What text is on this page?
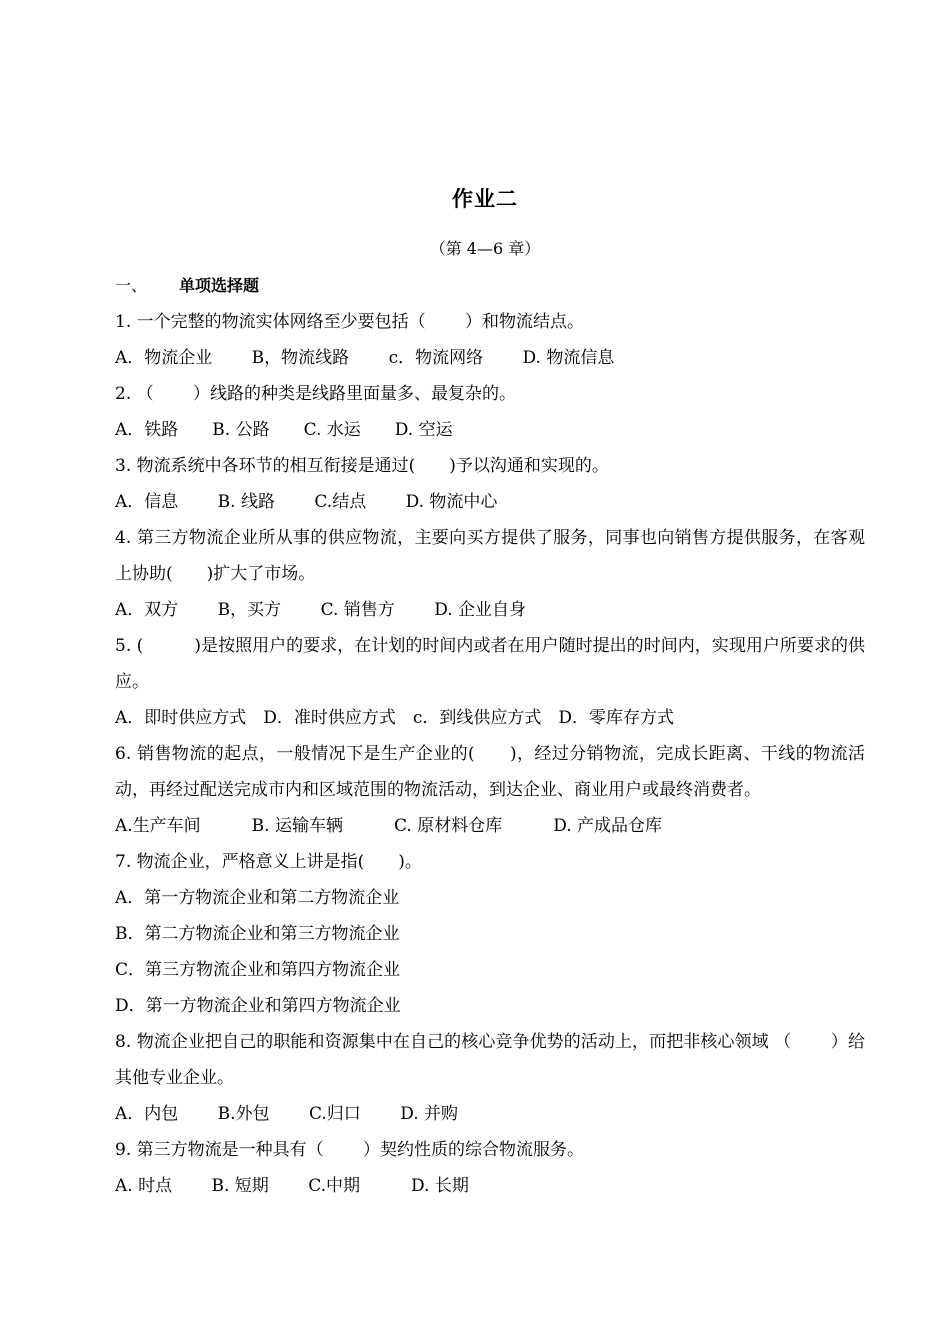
作业二
（第 4—6 章）
一、 单项选择题
1. 一个完整的物流实体网络至少要包括（　　 ）和物流结点。
A．物流企业　　 B，物流线路　　 c．物流网络　　 D. 物流信息
2. （　　 ）线路的种类是线路里面量多、最复杂的。
A．铁路　　B. 公路　　C. 水运　　D. 空运
3. 物流系统中各环节的相互衔接是通过(　　)予以沟通和实现的。
A．信息　　 B. 线路　　 C.结点　　 D. 物流中心
4. 第三方物流企业所从事的供应物流，主要向买方提供了服务，同事也向销售方提供服务，在客观上协助(　　)扩大了市场。
A．双方　　 B，买方　　 C. 销售方　　 D. 企业自身
5. (　　　)是按照用户的要求，在计划的时间内或者在用户随时提出的时间内，实现用户所要求的供应。
A．即时供应方式　D．准时供应方式　c．到线供应方式　D．零库存方式
6. 销售物流的起点，一般情况下是生产企业的(　　)，经过分销物流，完成长距离、干线的物流活动，再经过配送完成市内和区域范围的物流活动，到达企业、商业用户或最终消费者。
A.生产车间　　　B. 运输车辆　　　C. 原材料仓库　　　D. 产成品仓库
7. 物流企业，严格意义上讲是指(　　)。
A．第一方物流企业和第二方物流企业
B．第二方物流企业和第三方物流企业
C．第三方物流企业和第四方物流企业
D．第一方物流企业和第四方物流企业
8. 物流企业把自己的职能和资源集中在自己的核心竞争优势的活动上，而把非核心领域 （　　 ）给其他专业企业。
A．内包　　 B.外包　　 C.归口　　 D. 并购
9. 第三方物流是一种具有（　　 ）契约性质的综合物流服务。
A. 时点　　 B. 短期　　 C.中期　　　D. 长期
